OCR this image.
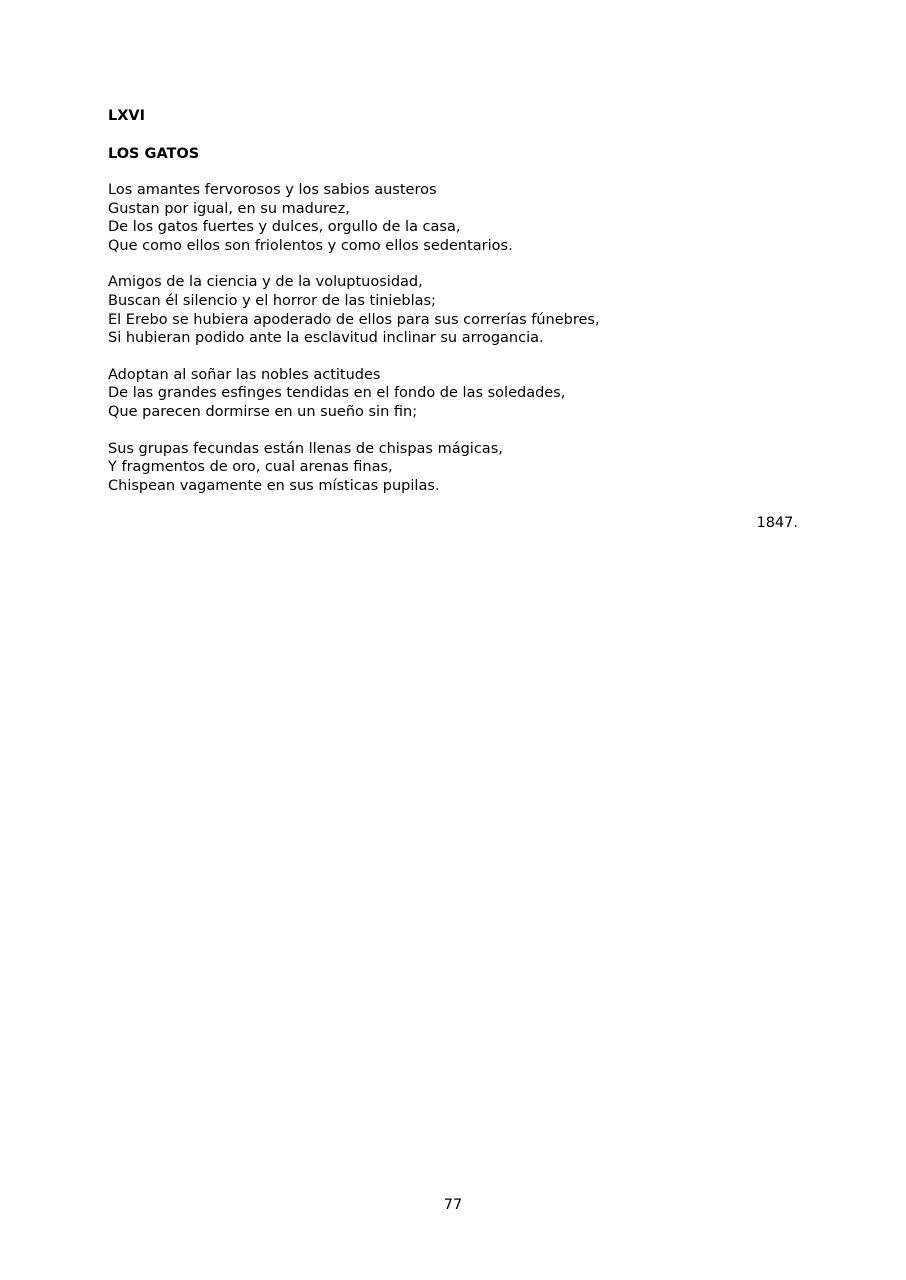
LXVI
LOS GATOS
Los amantes fervorosos y los sabios austeros
Gustan por igual, en su madurez,
De los gatos fuertes y dulces, orgullo de la casa,
Que como ellos son friolentos y como ellos sedentarios.
Amigos de la ciencia y de la voluptuosidad,
Buscan él silencio y el horror de las tinieblas;
El Erebo se hubiera apoderado de ellos para sus correrías fúnebres,
Si hubieran podido ante la esclavitud inclinar su arrogancia.
Adoptan al soñar las nobles actitudes
De las grandes esfinges tendidas en el fondo de las soledades,
Que parecen dormirse en un sueño sin fin;
Sus grupas fecundas están llenas de chispas mágicas,
Y fragmentos de oro, cual arenas finas,
Chispean vagamente en sus místicas pupilas.

1847.

77
